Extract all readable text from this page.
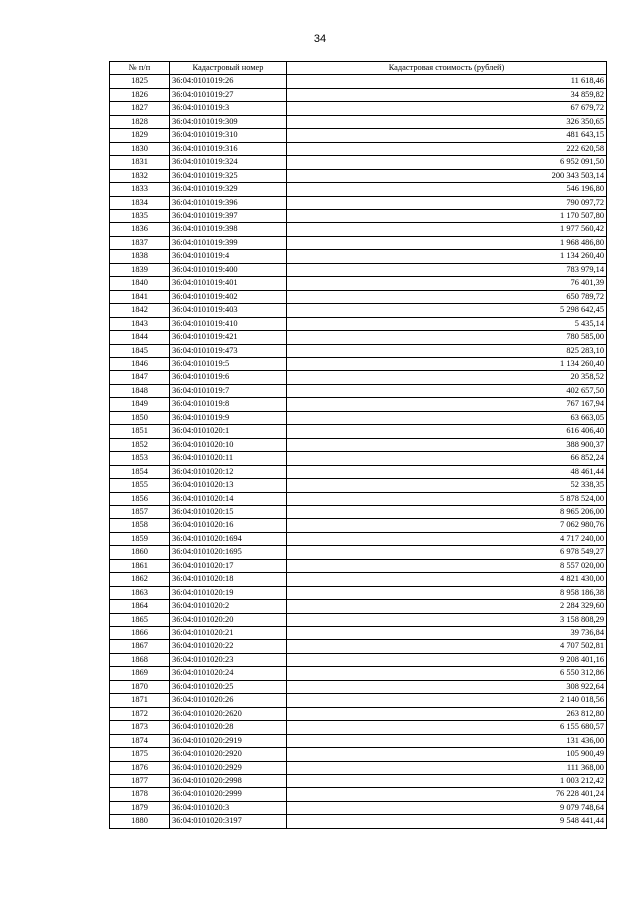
34
№ п/п	Кадастровый номер	Кадастровая стоимость (рублей)
1825	36:04:0101019:26	11 618,46
1826	36:04:0101019:27	34 859,82
1827	36:04:0101019:3	67 679,72
1828	36:04:0101019:309	326 350,65
1829	36:04:0101019:310	481 643,15
1830	36:04:0101019:316	222 620,58
1831	36:04:0101019:324	6 952 091,50
1832	36:04:0101019:325	200 343 503,14
1833	36:04:0101019:329	546 196,80
1834	36:04:0101019:396	790 097,72
1835	36:04:0101019:397	1 170 507,80
1836	36:04:0101019:398	1 977 560,42
1837	36:04:0101019:399	1 968 486,80
1838	36:04:0101019:4	1 134 260,40
1839	36:04:0101019:400	783 979,14
1840	36:04:0101019:401	76 401,39
1841	36:04:0101019:402	650 789,72
1842	36:04:0101019:403	5 298 642,45
1843	36:04:0101019:410	5 435,14
1844	36:04:0101019:421	780 585,00
1845	36:04:0101019:473	825 283,10
1846	36:04:0101019:5	1 134 260,40
1847	36:04:0101019:6	20 358,52
1848	36:04:0101019:7	402 657,50
1849	36:04:0101019:8	767 167,94
1850	36:04:0101019:9	63 663,05
1851	36:04:0101020:1	616 406,40
1852	36:04:0101020:10	388 900,37
1853	36:04:0101020:11	66 852,24
1854	36:04:0101020:12	48 461,44
1855	36:04:0101020:13	52 338,35
1856	36:04:0101020:14	5 878 524,00
1857	36:04:0101020:15	8 965 206,00
1858	36:04:0101020:16	7 062 980,76
1859	36:04:0101020:1694	4 717 240,00
1860	36:04:0101020:1695	6 978 549,27
1861	36:04:0101020:17	8 557 020,00
1862	36:04:0101020:18	4 821 430,00
1863	36:04:0101020:19	8 958 186,38
1864	36:04:0101020:2	2 284 329,60
1865	36:04:0101020:20	3 158 808,29
1866	36:04:0101020:21	39 736,84
1867	36:04:0101020:22	4 707 502,81
1868	36:04:0101020:23	9 208 401,16
1869	36:04:0101020:24	6 550 312,86
1870	36:04:0101020:25	308 922,64
1871	36:04:0101020:26	2 140 018,56
1872	36:04:0101020:2620	263 812,80
1873	36:04:0101020:28	6 155 680,57
1874	36:04:0101020:2919	131 436,00
1875	36:04:0101020:2920	105 900,49
1876	36:04:0101020:2929	111 368,00
1877	36:04:0101020:2998	1 003 212,42
1878	36:04:0101020:2999	76 228 401,24
1879	36:04:0101020:3	9 079 748,64
1880	36:04:0101020:3197	9 548 441,44
